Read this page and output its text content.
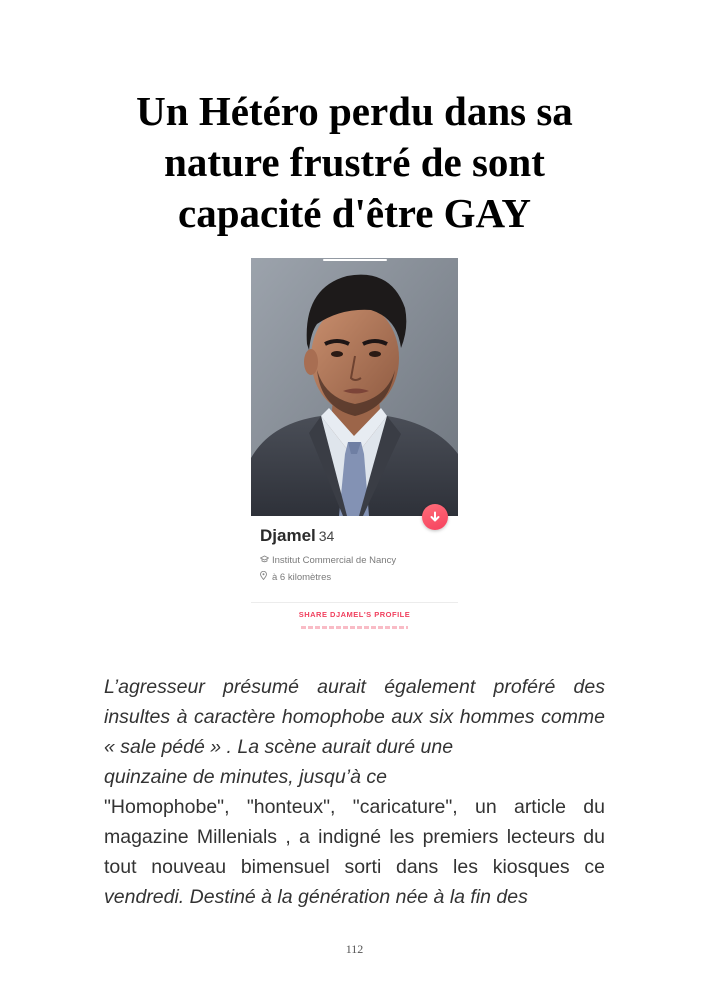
Un Hétéro perdu dans sa
nature frustré de sont
capacité d'être GAY
Djamel 34
Institut Commercial de Nancy
à 6 kilomètres
SHARE DJAMEL'S PROFILE

L’agresseur présumé aurait également proféré des insultes à caractère homophobe aux six hommes comme « sale pédé » . La scène aurait duré une
quinzaine de minutes, jusqu’à ce

"Homophobe", "honteux", "caricature", un article du magazine Millenials , a indigné les premiers lecteurs du tout nouveau bimensuel sorti dans les kiosques ce vendredi. Destiné à la génération née à la fin des

112
